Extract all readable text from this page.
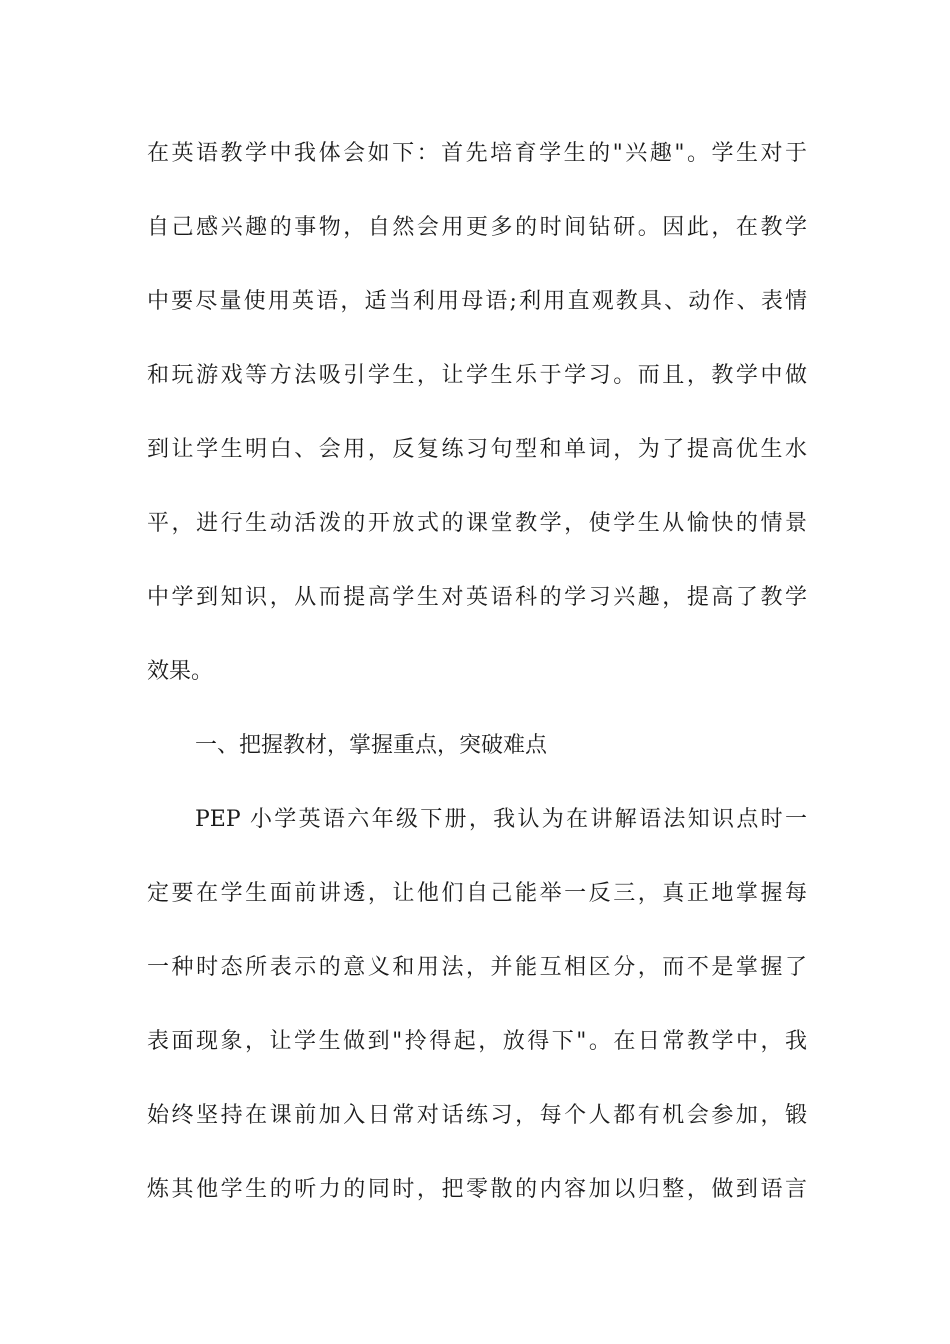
在英语教学中我体会如下：首先培育学生的"兴趣"。学生对于
自己感兴趣的事物，自然会用更多的时间钻研。因此，在教学
中要尽量使用英语，适当利用母语;利用直观教具、动作、表情
和玩游戏等方法吸引学生，让学生乐于学习。而且，教学中做
到让学生明白、会用，反复练习句型和单词，为了提高优生水
平，进行生动活泼的开放式的课堂教学，使学生从愉快的情景
中学到知识，从而提高学生对英语科的学习兴趣，提高了教学
效果。
一、把握教材，掌握重点，突破难点
PEP 小学英语六年级下册，我认为在讲解语法知识点时一
定要在学生面前讲透，让他们自己能举一反三，真正地掌握每
一种时态所表示的意义和用法，并能互相区分，而不是掌握了
表面现象，让学生做到"拎得起，放得下"。在日常教学中，我
始终坚持在课前加入日常对话练习，每个人都有机会参加，锻
炼其他学生的听力的同时，把零散的内容加以归整，做到语言
